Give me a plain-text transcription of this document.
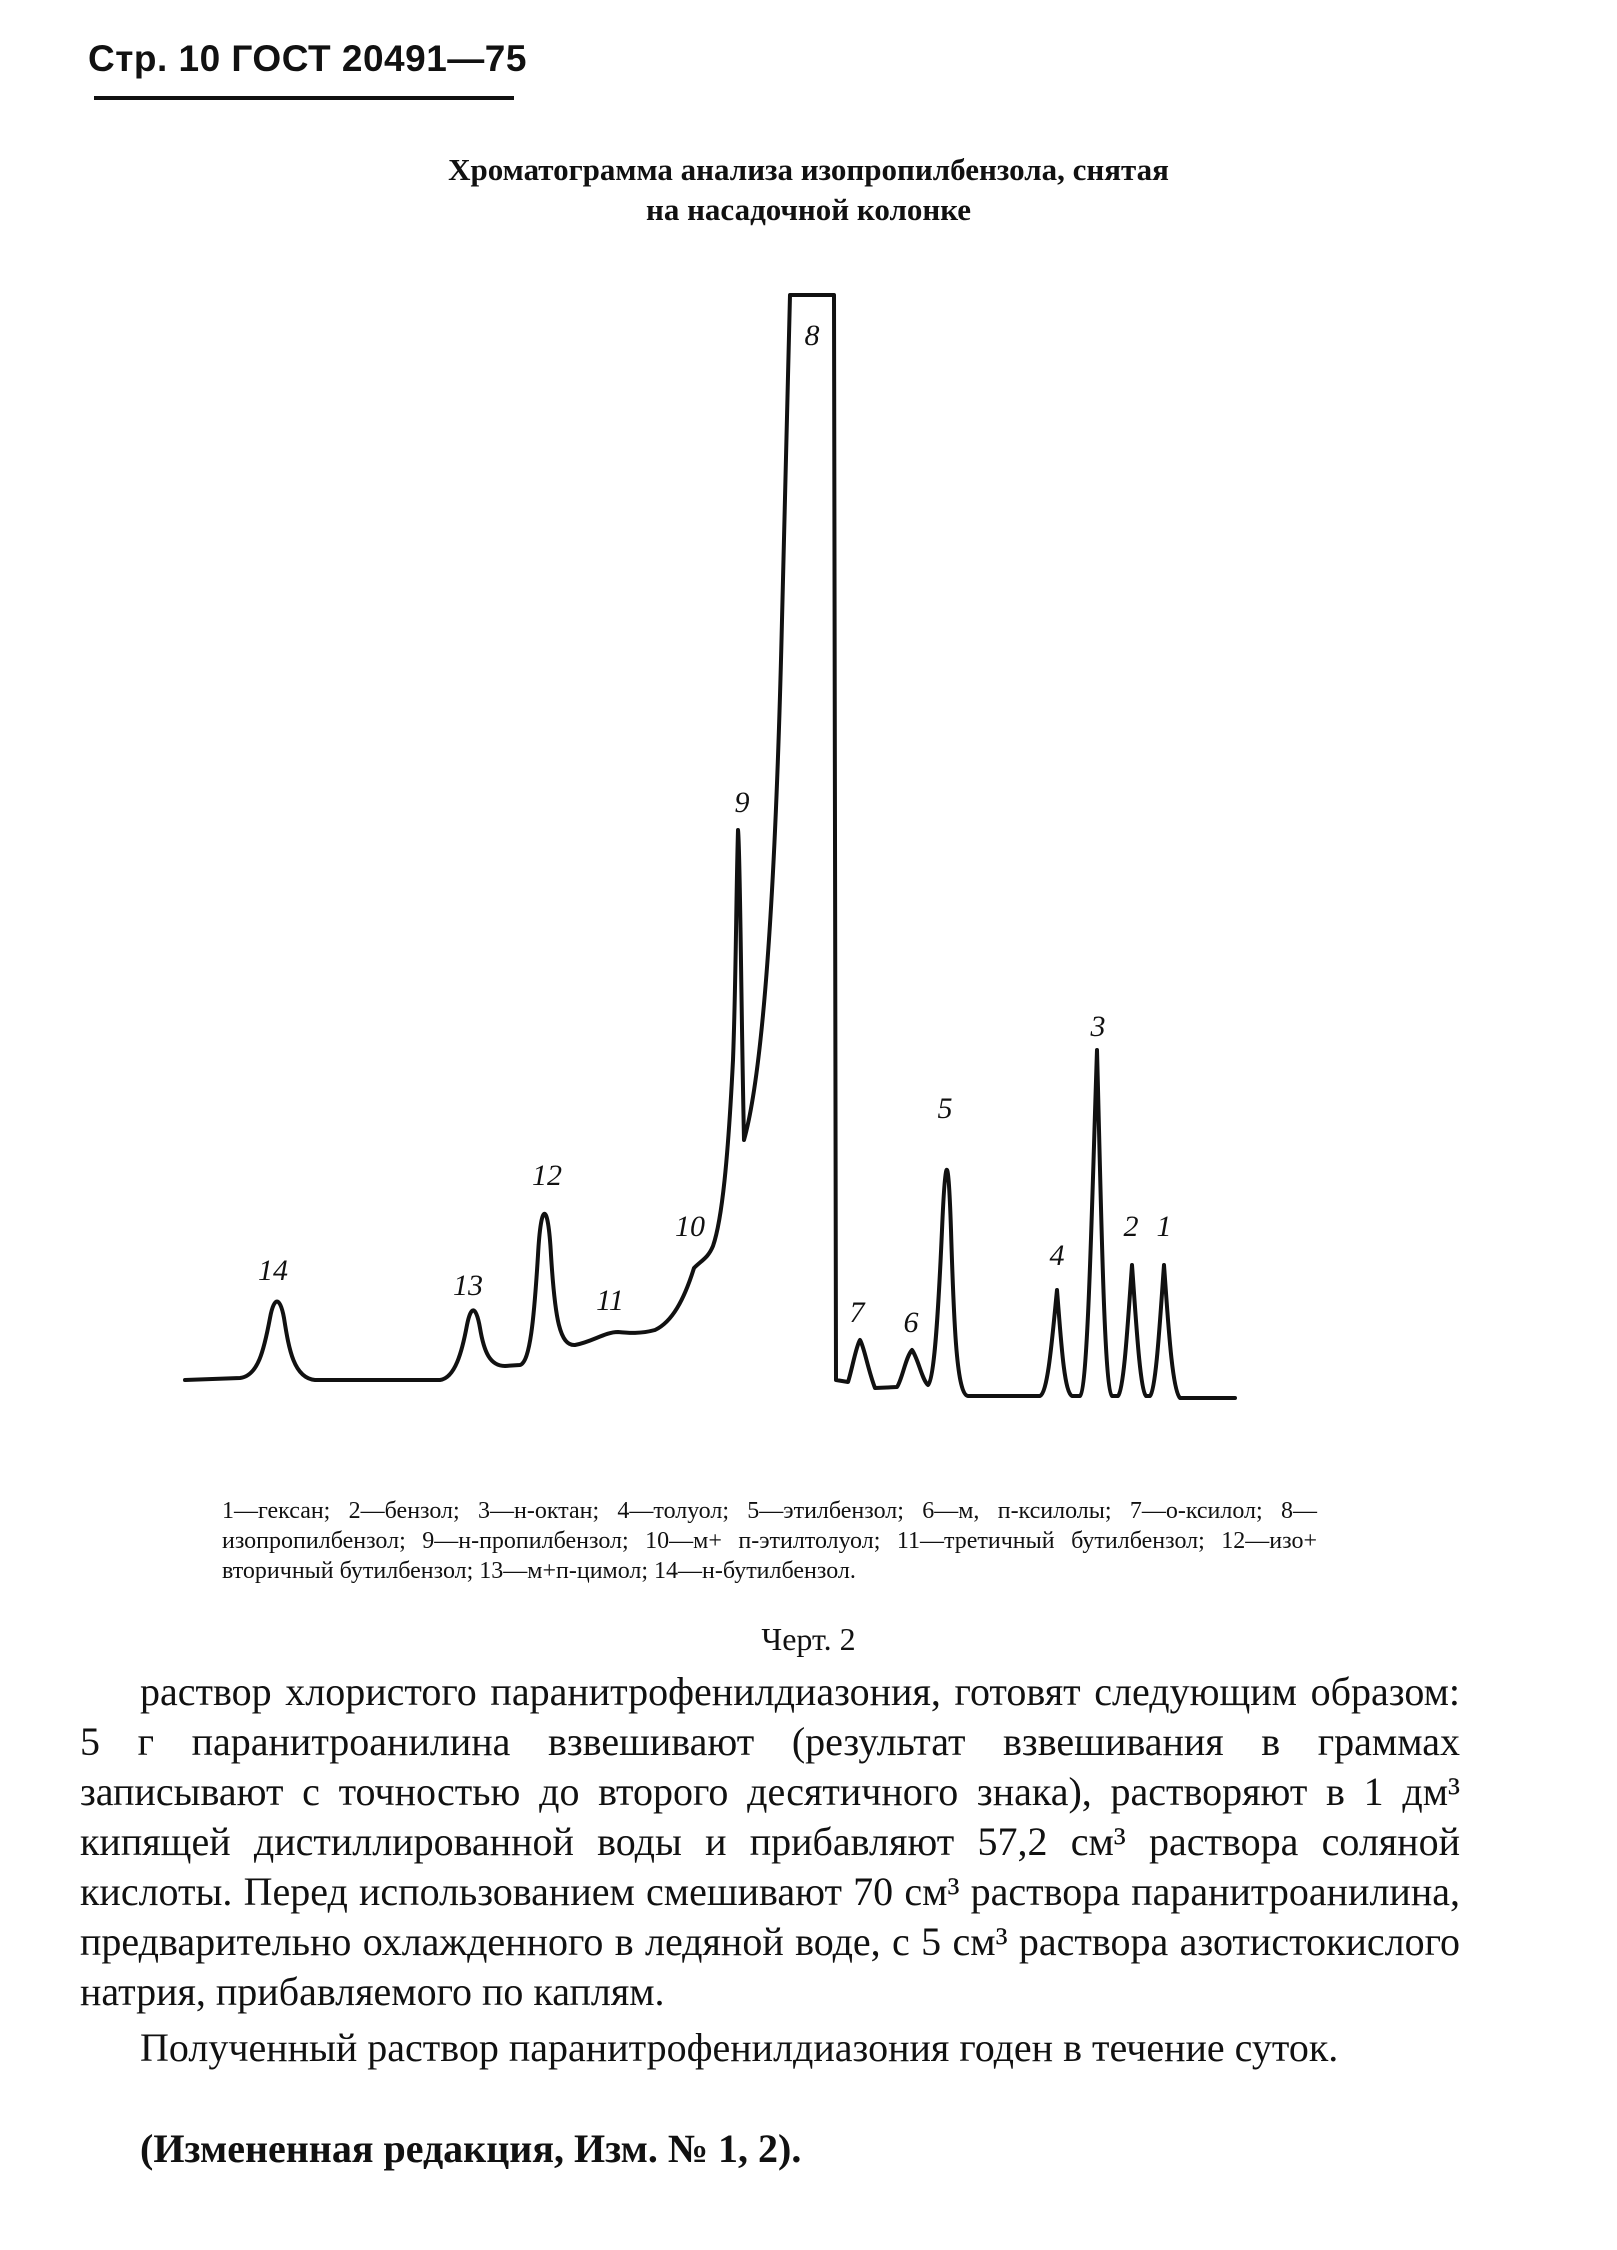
Стр. 10 ГОСТ 20491—75
Хроматограмма анализа изопропилбензола, снятая
на насадочной колонке
1
2
3
4
5
6
7
8
9
10
11
12
13
14
1—гексан; 2—бензол; 3—н-октан; 4—толуол; 5—этилбензол; 6—м, п-ксилолы; 7—о-ксилол; 8—изопропилбензол; 9—н-пропилбензол; 10—м+ п-этилтолуол; 11—третичный бутилбензол; 12—изо+ вторичный бутилбензол; 13—м+п-цимол; 14—н-бутилбензол.
Черт. 2
раствор хлористого паранитрофенилдиазония, готовят следующим образом: 5 г паранитроанилина взвешивают (результат взвешивания в граммах записывают с точностью до второго десятичного знака), растворяют в 1 дм³ кипящей дистиллированной воды и прибавляют 57,2 см³ раствора соляной кислоты. Перед использованием смешивают 70 см³ раствора паранитроанилина, предварительно охлажденного в ледяной воде, с 5 см³ раствора азотистокислого натрия, прибавляемого по каплям.
Полученный раствор паранитрофенилдиазония годен в течение суток.
(Измененная редакция, Изм. № 1, 2).
